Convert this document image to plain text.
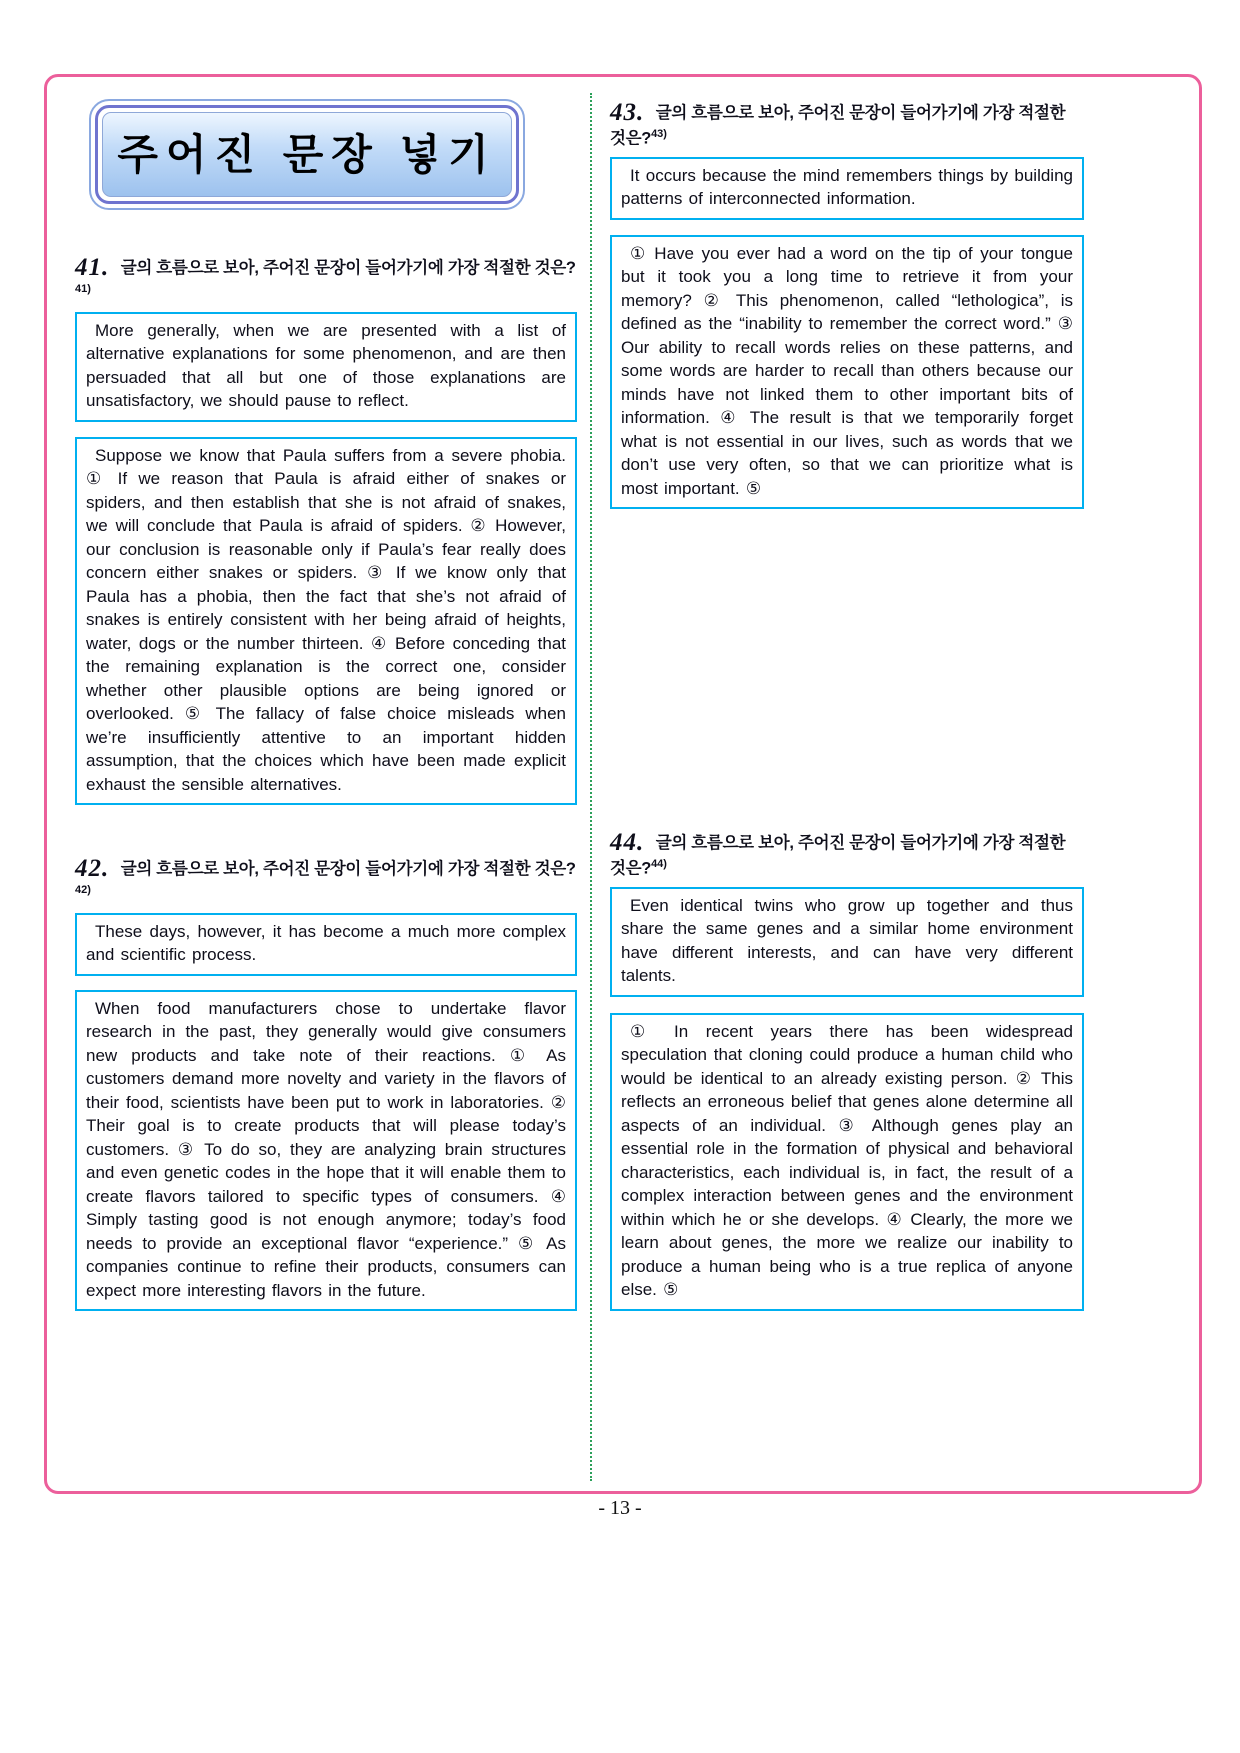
주어진 문장 넣기

41. 글의 흐름으로 보아, 주어진 문장이 들어가기에 가장 적절한 것은?$^{41)}$

More generally, when we are presented with a list of alternative explanations for some phenomenon, and are then persuaded that all but one of those explanations are unsatisfactory, we should pause to reflect.

Suppose we know that Paula suffers from a severe phobia. ① If we reason that Paula is afraid either of snakes or spiders, and then establish that she is not afraid of snakes, we will conclude that Paula is afraid of spiders. ② However, our conclusion is reasonable only if Paula’s fear really does concern either snakes or spiders. ③ If we know only that Paula has a phobia, then the fact that she’s not afraid of snakes is entirely consistent with her being afraid of heights, water, dogs or the number thirteen. ④ Before conceding that the remaining explanation is the correct one, consider whether other plausible options are being ignored or overlooked. ⑤ The fallacy of false choice misleads when we’re insufficiently attentive to an important hidden assumption, that the choices which have been made explicit exhaust the sensible alternatives.

42. 글의 흐름으로 보아, 주어진 문장이 들어가기에 가장 적절한 것은?$^{42)}$

These days, however, it has become a much more complex and scientific process.

When food manufacturers chose to undertake flavor research in the past, they generally would give consumers new products and take note of their reactions. ① As customers demand more novelty and variety in the flavors of their food, scientists have been put to work in laboratories. ② Their goal is to create products that will please today’s customers. ③ To do so, they are analyzing brain structures and even genetic codes in the hope that it will enable them to create flavors tailored to specific types of consumers. ④ Simply tasting good is not enough anymore; today’s food needs to provide an exceptional flavor “experience.” ⑤ As companies continue to refine their products, consumers can expect more interesting flavors in the future.

43. 글의 흐름으로 보아, 주어진 문장이 들어가기에 가장 적절한 것은?$^{43)}$

It occurs because the mind remembers things by building patterns of interconnected information.

① Have you ever had a word on the tip of your tongue but it took you a long time to retrieve it from your memory? ② This phenomenon, called “lethologica”, is defined as the “inability to remember the correct word.” ③ Our ability to recall words relies on these patterns, and some words are harder to recall than others because our minds have not linked them to other important bits of information. ④ The result is that we temporarily forget what is not essential in our lives, such as words that we don’t use very often, so that we can prioritize what is most important. ⑤

44. 글의 흐름으로 보아, 주어진 문장이 들어가기에 가장 적절한 것은?$^{44)}$

Even identical twins who grow up together and thus share the same genes and a similar home environment have different interests, and can have very different talents.

① In recent years there has been widespread speculation that cloning could produce a human child who would be identical to an already existing person. ② This reflects an erroneous belief that genes alone determine all aspects of an individual. ③ Although genes play an essential role in the formation of physical and behavioral characteristics, each individual is, in fact, the result of a complex interaction between genes and the environment within which he or she develops. ④ Clearly, the more we learn about genes, the more we realize our inability to produce a human being who is a true replica of anyone else. ⑤

- 13 -
